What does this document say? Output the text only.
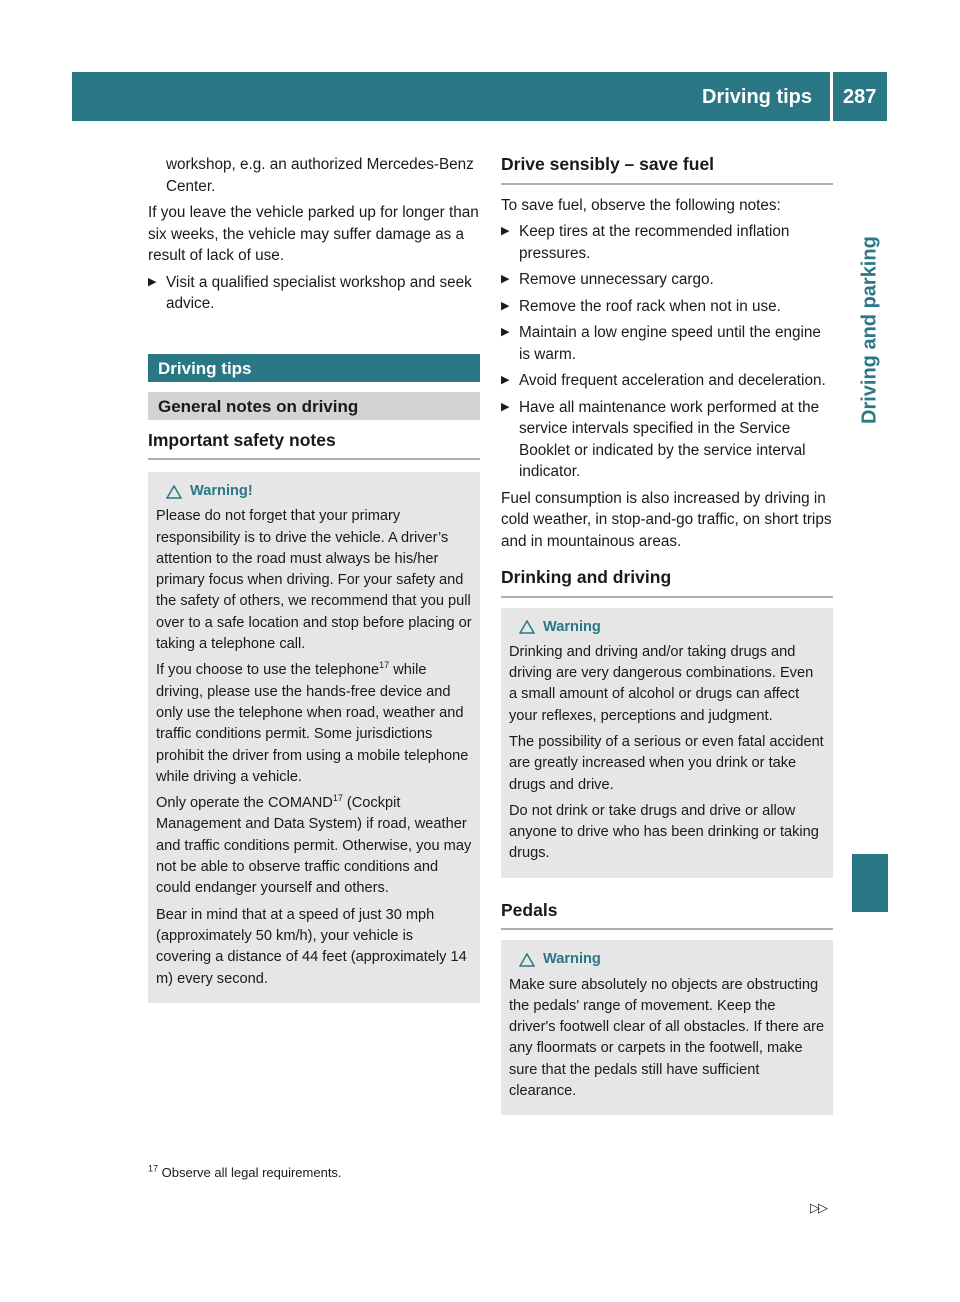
Driving tips 287
Driving and parking
workshop, e.g. an authorized Mercedes-Benz Center.
If you leave the vehicle parked up for longer than six weeks, the vehicle may suffer damage as a result of lack of use.
▶ Visit a qualified specialist workshop and seek advice.
Driving tips
General notes on driving
Important safety notes
Warning!
Please do not forget that your primary responsibility is to drive the vehicle. A driver’s attention to the road must always be his/her primary focus when driving. For your safety and the safety of others, we recommend that you pull over to a safe location and stop before placing or taking a telephone call.
If you choose to use the telephone$^{17}$ while driving, please use the hands-free device and only use the telephone when road, weather and traffic conditions permit. Some jurisdictions prohibit the driver from using a mobile telephone while driving a vehicle.
Only operate the COMAND$^{17}$ (Cockpit Management and Data System) if road, weather and traffic conditions permit. Otherwise, you may not be able to observe traffic conditions and could endanger yourself and others.
Bear in mind that at a speed of just 30 mph (approximately 50 km/h), your vehicle is covering a distance of 44 feet (approximately 14 m) every second.
Drive sensibly – save fuel
To save fuel, observe the following notes:
▶ Keep tires at the recommended inflation pressures.
▶ Remove unnecessary cargo.
▶ Remove the roof rack when not in use.
▶ Maintain a low engine speed until the engine is warm.
▶ Avoid frequent acceleration and deceleration.
▶ Have all maintenance work performed at the service intervals specified in the Service Booklet or indicated by the service interval indicator.
Fuel consumption is also increased by driving in cold weather, in stop-and-go traffic, on short trips and in mountainous areas.
Drinking and driving
Warning
Drinking and driving and/or taking drugs and driving are very dangerous combinations. Even a small amount of alcohol or drugs can affect your reflexes, perceptions and judgment.
The possibility of a serious or even fatal accident are greatly increased when you drink or take drugs and drive.
Do not drink or take drugs and drive or allow anyone to drive who has been drinking or taking drugs.
Pedals
Warning
Make sure absolutely no objects are obstructing the pedals' range of movement. Keep the driver's footwell clear of all obstacles. If there are any floormats or carpets in the footwell, make sure that the pedals still have sufficient clearance.
$^{17}$ Observe all legal requirements.
▷▷
